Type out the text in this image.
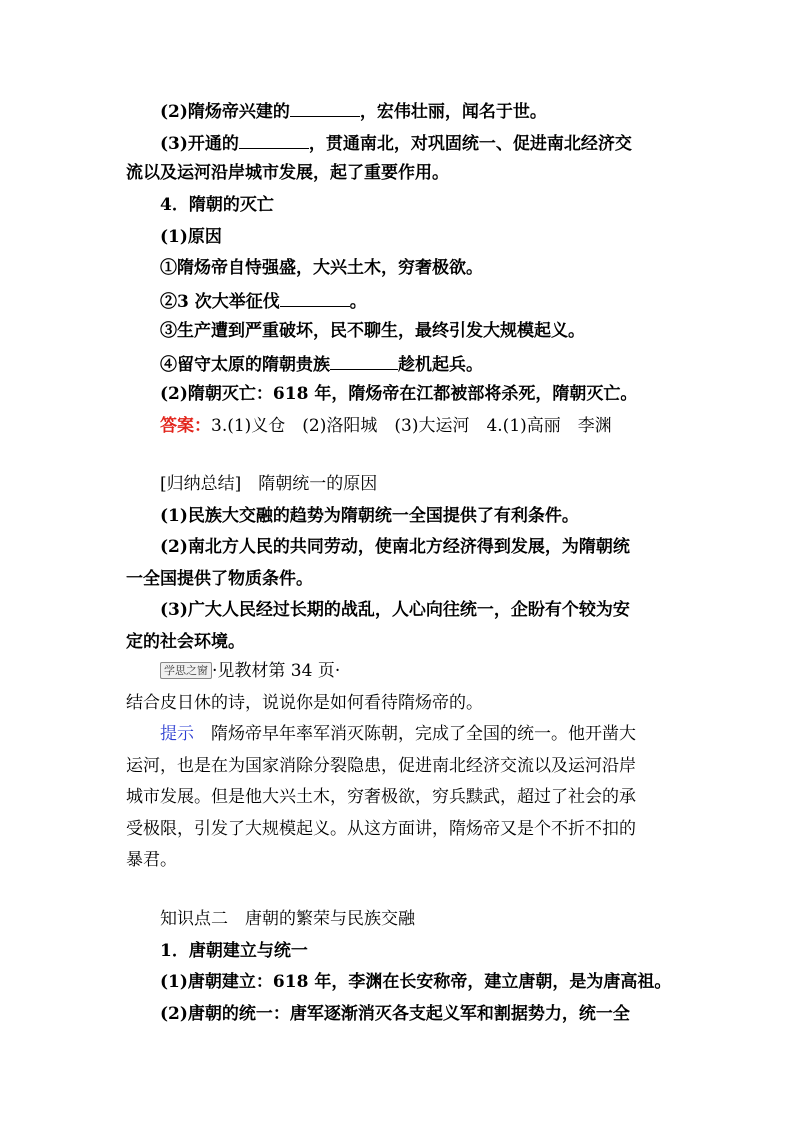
(2)隋炀帝兴建的	，宏伟壮丽，闻名于世。
(3)开通的	，贯通南北，对巩固统一、促进南北经济交
流以及运河沿岸城市发展，起了重要作用。
4．隋朝的灭亡
(1)原因
①隋炀帝自恃强盛，大兴土木，穷奢极欲。
②3 次大举征伐	。
③生产遭到严重破坏，民不聊生，最终引发大规模起义。
④留守太原的隋朝贵族	趁机起兵。
(2)隋朝灭亡：618 年，隋炀帝在江都被部将杀死，隋朝灭亡。
答案：3.(1)义仓　(2)洛阳城　(3)大运河　4.(1)高丽　李渊
[归纳总结]　隋朝统一的原因
(1)民族大交融的趋势为隋朝统一全国提供了有利条件。
(2)南北方人民的共同劳动，使南北方经济得到发展，为隋朝统
一全国提供了物质条件。
(3)广大人民经过长期的战乱，人心向往统一，企盼有个较为安
定的社会环境。
学思之窗 ·见教材第 34 页·
结合皮日休的诗，说说你是如何看待隋炀帝的。
提示　 隋炀帝早年率军消灭陈朝，完成了全国的统一。他开凿大
运河，也是在为国家消除分裂隐患，促进南北经济交流以及运河沿岸
城市发展。但是他大兴土木，穷奢极欲，穷兵黩武，超过了社会的承
受极限，引发了大规模起义。从这方面讲，隋炀帝又是个不折不扣的
暴君。
知识点二　唐朝的繁荣与民族交融
1．唐朝建立与统一
(1)唐朝建立：618 年，李渊在长安称帝，建立唐朝，是为唐高祖。
(2)唐朝的统一：唐军逐渐消灭各支起义军和割据势力，统一全
